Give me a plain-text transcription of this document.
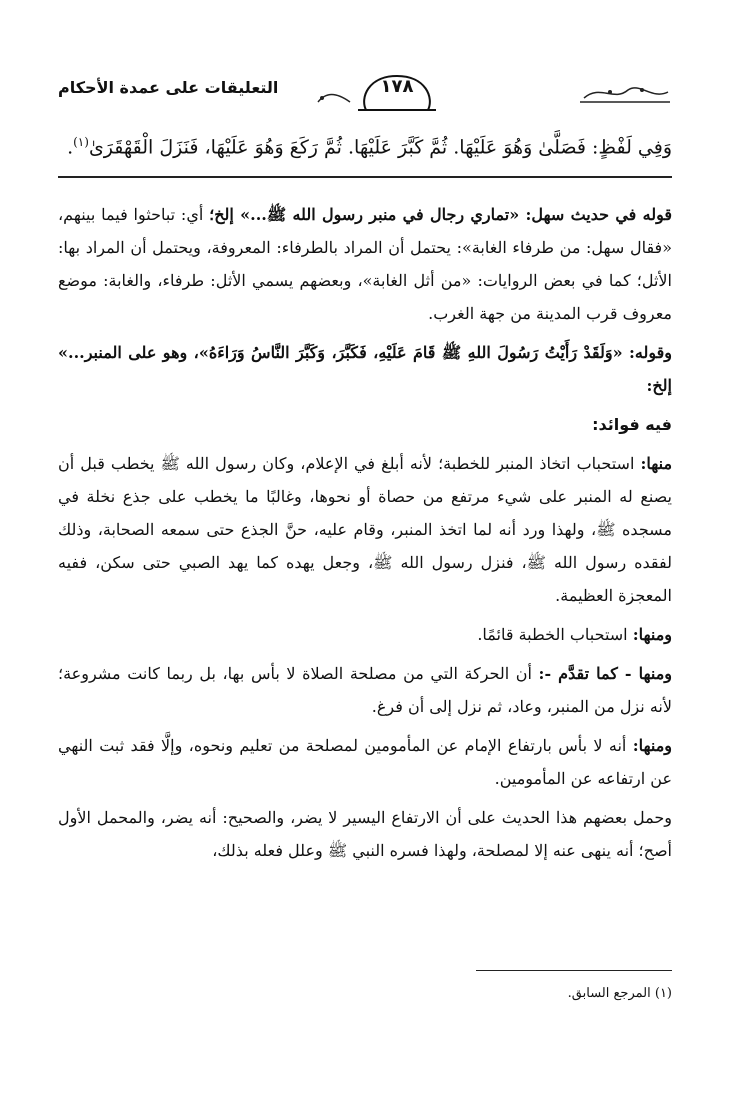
التعليقات على عمدة الأحكام	١٧٨
وَفِي لَفْظٍ: فَصَلَّىٰ وَهُوَ عَلَيْهَا. ثُمَّ كَبَّرَ عَلَيْهَا. ثُمَّ رَكَعَ وَهُوَ عَلَيْهَا، فَنَزَلَ الْقَهْقَرَىٰ$^{(١)}$.

قوله في حديث سهل: «تماري رجال في منبر رسول الله ﷺ...» إلخ؛ أي: تباحثوا فيما بينهم، «فقال سهل: من طرفاء الغابة»: يحتمل أن المراد بالطرفاء: المعروفة، ويحتمل أن المراد بها: الأثل؛ كما في بعض الروايات: «من أثل الغابة»، وبعضهم يسمي الأثل: طرفاء، والغابة: موضع معروف قرب المدينة من جهة الغرب.

وقوله: «وَلَقَدْ رَأَيْتُ رَسُولَ اللهِ ﷺ قَامَ عَلَيْهِ، فَكَبَّرَ، وَكَبَّرَ النَّاسُ وَرَاءَهُ»، وهو على المنبر...» إلخ:

فيه فوائد:

منها: استحباب اتخاذ المنبر للخطبة؛ لأنه أبلغ في الإعلام، وكان رسول الله ﷺ يخطب قبل أن يصنع له المنبر على شيء مرتفع من حصاة أو نحوها، وغالبًا ما يخطب على جذع نخلة في مسجده ﷺ، ولهذا ورد أنه لما اتخذ المنبر، وقام عليه، حنَّ الجذع حتى سمعه الصحابة، وذلك لفقده رسول الله ﷺ، فنزل رسول الله ﷺ، وجعل يهده كما يهد الصبي حتى سكن، ففيه المعجزة العظيمة.

ومنها: استحباب الخطبة قائمًا.

ومنها - كما تقدَّم -: أن الحركة التي من مصلحة الصلاة لا بأس بها، بل ربما كانت مشروعة؛ لأنه نزل من المنبر، وعاد، ثم نزل إلى أن فرغ.

ومنها: أنه لا بأس بارتفاع الإمام عن المأمومين لمصلحة من تعليم ونحوه، وإلَّا فقد ثبت النهي عن ارتفاعه عن المأمومين.

وحمل بعضهم هذا الحديث على أن الارتفاع اليسير لا يضر، والصحيح: أنه يضر، والمحمل الأول أصح؛ أنه ينهى عنه إلا لمصلحة، ولهذا فسره النبي ﷺ وعلل فعله بذلك،

(١) المرجع السابق.
